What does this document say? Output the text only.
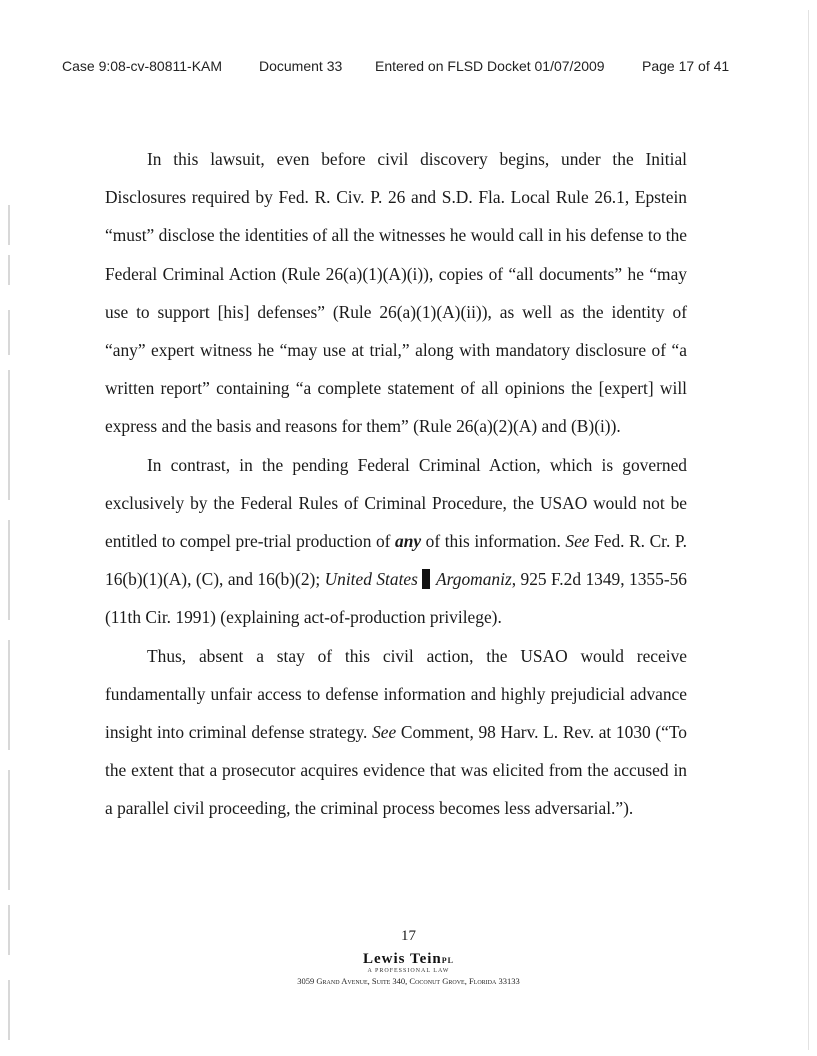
Case 9:08-cv-80811-KAM	Document 33 Entered on FLSD Docket 01/07/2009	Page 17 of 41

In this lawsuit, even before civil discovery begins, under the Initial Disclosures required by Fed. R. Civ. P. 26 and S.D. Fla. Local Rule 26.1, Epstein “must” disclose the identities of all the witnesses he would call in his defense to the Federal Criminal Action (Rule 26(a)(1)(A)(i)), copies of “all documents” he “may use to support [his] defenses” (Rule 26(a)(1)(A)(ii)), as well as the identity of “any” expert witness he “may use at trial,” along with mandatory disclosure of “a written report” containing “a complete statement of all opinions the [expert] will express and the basis and reasons for them” (Rule 26(a)(2)(A) and (B)(i)).

In contrast, in the pending Federal Criminal Action, which is governed exclusively by the Federal Rules of Criminal Procedure, the USAO would not be entitled to compel pre-trial production of any of this information. See Fed. R. Cr. P. 16(b)(1)(A), (C), and 16(b)(2); United States Argomaniz, 925 F.2d 1349, 1355-56 (11th Cir. 1991) (explaining act-of-production privilege).

Thus, absent a stay of this civil action, the USAO would receive fundamentally unfair access to defense information and highly prejudicial advance insight into criminal defense strategy. See Comment, 98 Harv. L. Rev. at 1030 (“To the extent that a prosecutor acquires evidence that was elicited from the accused in a parallel civil proceeding, the criminal process becomes less adversarial.”).

17
Lewis TeinPL
A PROFESSIONAL LAW
3059 Grand Avenue, Suite 340, Coconut Grove, Florida 33133
